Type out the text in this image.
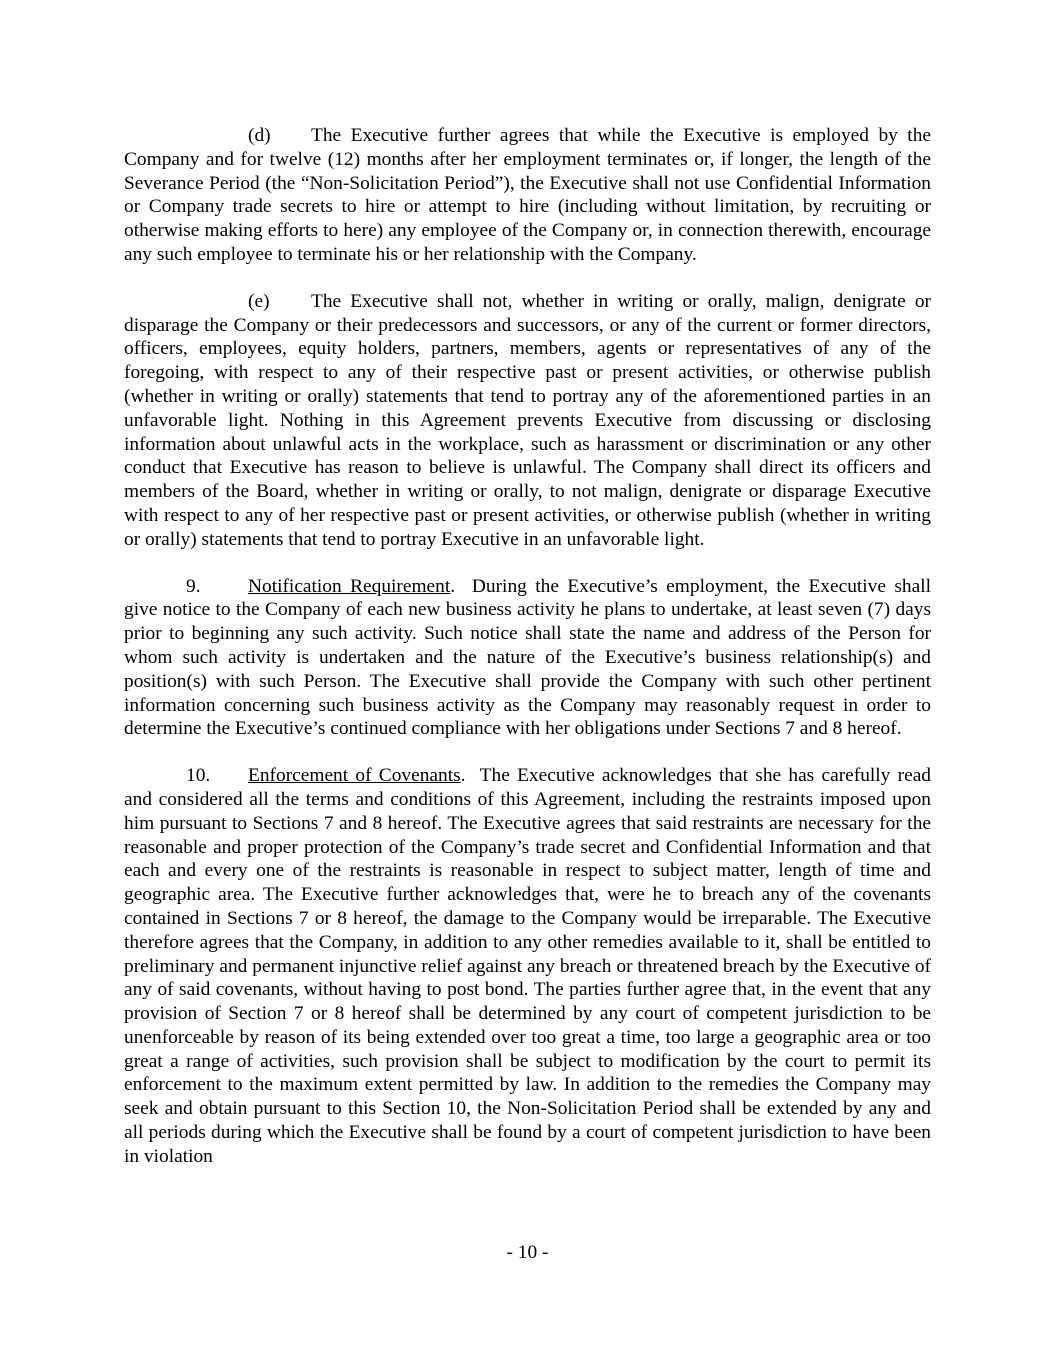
(d) The Executive further agrees that while the Executive is employed by the Company and for twelve (12) months after her employment terminates or, if longer, the length of the Severance Period (the “Non-Solicitation Period”), the Executive shall not use Confidential Information or Company trade secrets to hire or attempt to hire (including without limitation, by recruiting or otherwise making efforts to here) any employee of the Company or, in connection therewith, encourage any such employee to terminate his or her relationship with the Company.

(e) The Executive shall not, whether in writing or orally, malign, denigrate or disparage the Company or their predecessors and successors, or any of the current or former directors, officers, employees, equity holders, partners, members, agents or representatives of any of the foregoing, with respect to any of their respective past or present activities, or otherwise publish (whether in writing or orally) statements that tend to portray any of the aforementioned parties in an unfavorable light. Nothing in this Agreement prevents Executive from discussing or disclosing information about unlawful acts in the workplace, such as harassment or discrimination or any other conduct that Executive has reason to believe is unlawful. The Company shall direct its officers and members of the Board, whether in writing or orally, to not malign, denigrate or disparage Executive with respect to any of her respective past or present activities, or otherwise publish (whether in writing or orally) statements that tend to portray Executive in an unfavorable light.

9. Notification Requirement.  During the Executive’s employment, the Executive shall give notice to the Company of each new business activity he plans to undertake, at least seven (7) days prior to beginning any such activity. Such notice shall state the name and address of the Person for whom such activity is undertaken and the nature of the Executive’s business relationship(s) and position(s) with such Person. The Executive shall provide the Company with such other pertinent information concerning such business activity as the Company may reasonably request in order to determine the Executive’s continued compliance with her obligations under Sections 7 and 8 hereof.

10. Enforcement of Covenants.  The Executive acknowledges that she has carefully read and considered all the terms and conditions of this Agreement, including the restraints imposed upon him pursuant to Sections 7 and 8 hereof. The Executive agrees that said restraints are necessary for the reasonable and proper protection of the Company’s trade secret and Confidential Information and that each and every one of the restraints is reasonable in respect to subject matter, length of time and geographic area. The Executive further acknowledges that, were he to breach any of the covenants contained in Sections 7 or 8 hereof, the damage to the Company would be irreparable. The Executive therefore agrees that the Company, in addition to any other remedies available to it, shall be entitled to preliminary and permanent injunctive relief against any breach or threatened breach by the Executive of any of said covenants, without having to post bond. The parties further agree that, in the event that any provision of Section 7 or 8 hereof shall be determined by any court of competent jurisdiction to be unenforceable by reason of its being extended over too great a time, too large a geographic area or too great a range of activities, such provision shall be subject to modification by the court to permit its enforcement to the maximum extent permitted by law. In addition to the remedies the Company may seek and obtain pursuant to this Section 10, the Non-Solicitation Period shall be extended by any and all periods during which the Executive shall be found by a court of competent jurisdiction to have been in violation

- 10 -
